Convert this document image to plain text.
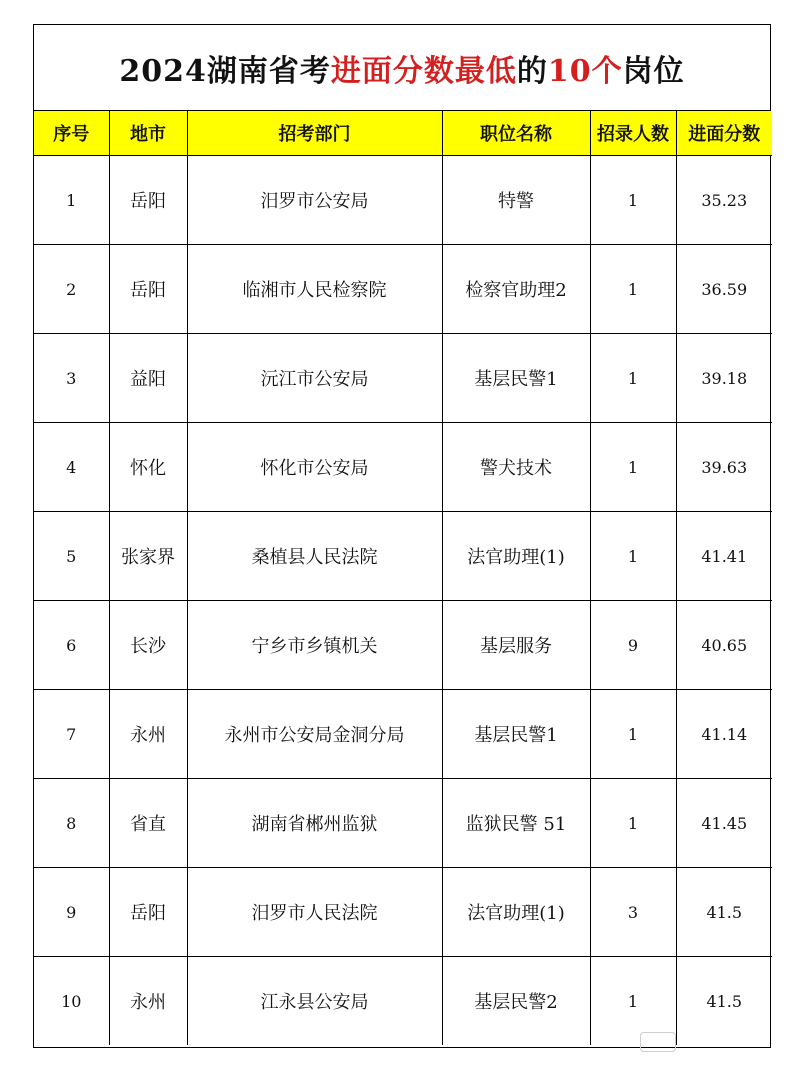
2024湖南省考 进面分数最低 的 10个 岗位
序号	地市	招考部门	职位名称	招录人数	进面分数
1	岳阳	汨罗市公安局	特警	1	35.23
2	岳阳	临湘市人民检察院	检察官助理2	1	36.59
3	益阳	沅江市公安局	基层民警1	1	39.18
4	怀化	怀化市公安局	警犬技术	1	39.63
5	张家界	桑植县人民法院	法官助理(1)	1	41.41
6	长沙	宁乡市乡镇机关	基层服务	9	40.65
7	永州	永州市公安局金洞分局	基层民警1	1	41.14
8	省直	湖南省郴州监狱	监狱民警 51	1	41.45
9	岳阳	汨罗市人民法院	法官助理(1)	3	41.5
10	永州	江永县公安局	基层民警2	1	41.5
